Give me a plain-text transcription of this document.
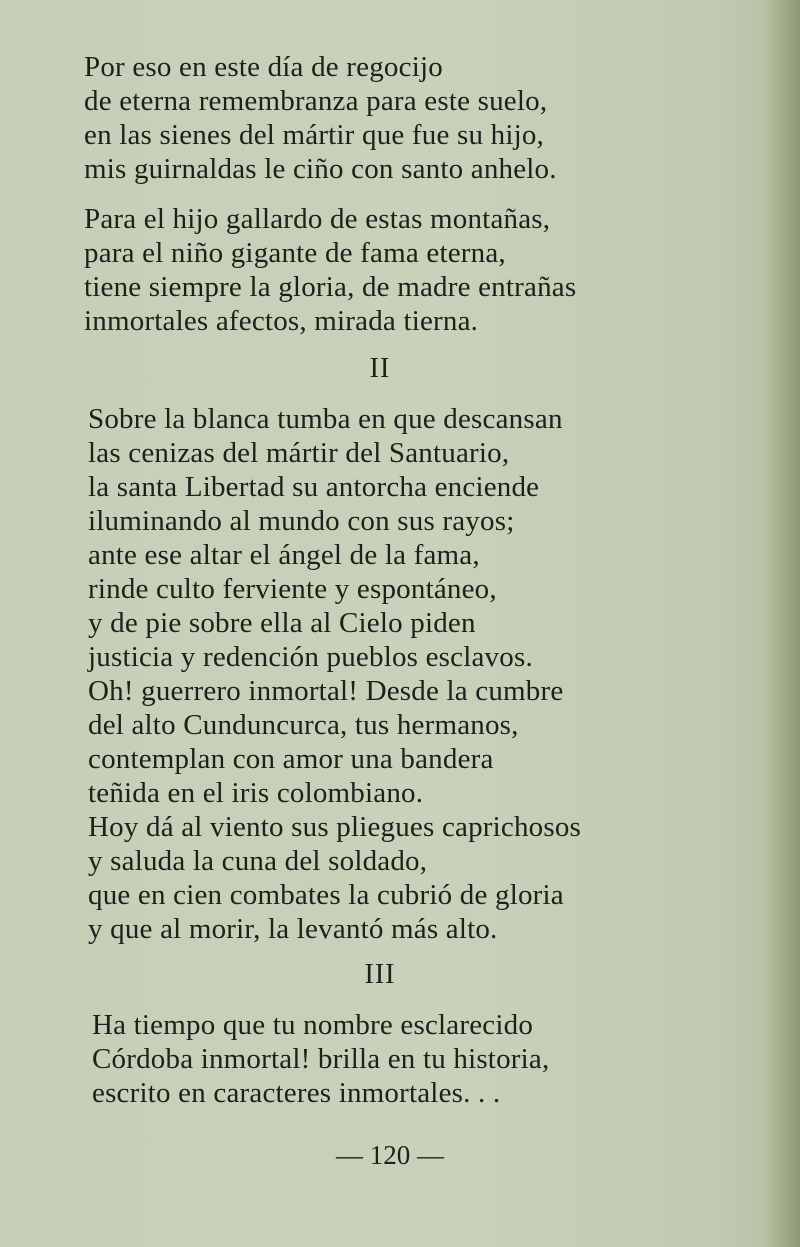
Por eso en este día de regocijo
de eterna remembranza para este suelo,
en las sienes del mártir que fue su hijo,
mis guirnaldas le ciño con santo anhelo.
Para el hijo gallardo de estas montañas,
para el niño gigante de fama eterna,
tiene siempre la gloria, de madre entrañas
inmortales afectos, mirada tierna.
II
Sobre la blanca tumba en que descansan
las cenizas del mártir del Santuario,
la santa Libertad su antorcha enciende
iluminando al mundo con sus rayos;
ante ese altar el ángel de la fama,
rinde culto ferviente y espontáneo,
y de pie sobre ella al Cielo piden
justicia y redención pueblos esclavos.
Oh! guerrero inmortal! Desde la cumbre
del alto Cunduncurca, tus hermanos,
contemplan con amor una bandera
teñida en el iris colombiano.
Hoy dá al viento sus pliegues caprichosos
y saluda la cuna del soldado,
que en cien combates la cubrió de gloria
y que al morir, la levantó más alto.
III
Ha tiempo que tu nombre esclarecido
Córdoba inmortal! brilla en tu historia,
escrito en caracteres inmortales. . .
— 120 —
